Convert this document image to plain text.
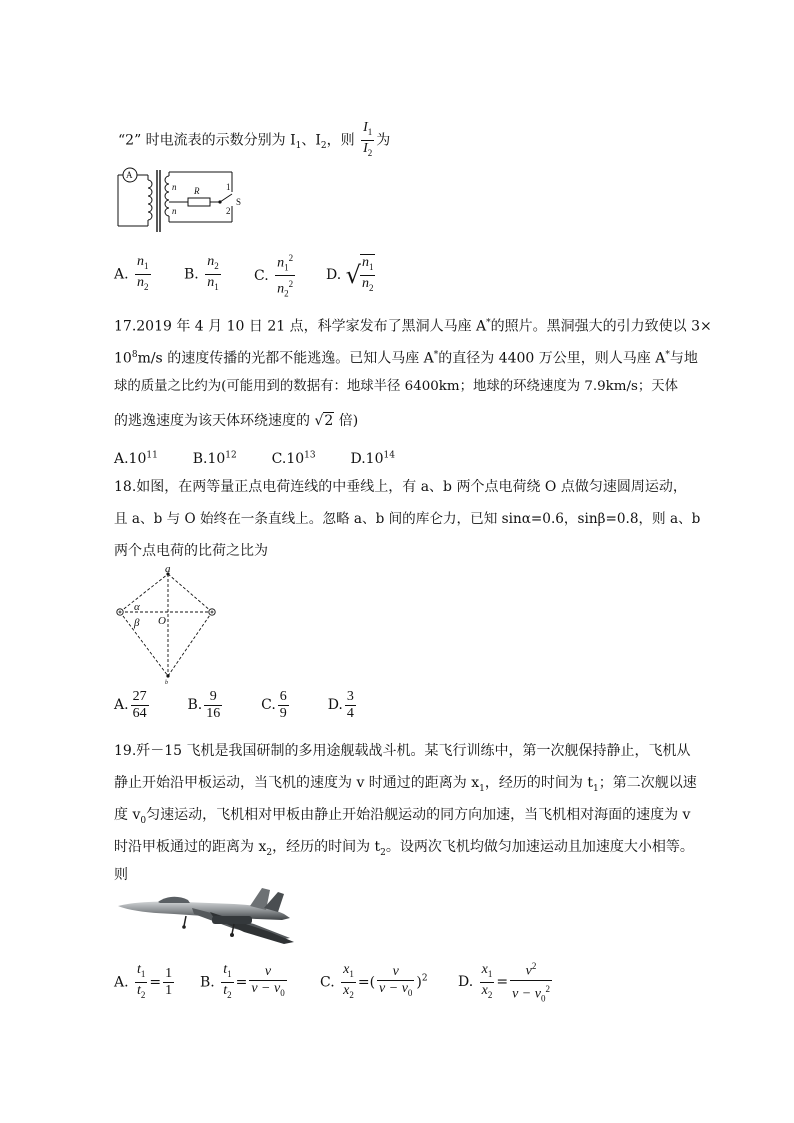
“2” 时电流表的示数分别为 $I_1$、$I_2$，则 $\frac{I_1}{I_2}$ 为
A
n
n
R	1
2
S
A. $\frac{n_1}{n_2} B$. $\frac{n_2}{n_1} C$. $\frac{n_1^2}{n_2^2} D$. √ $\frac{n_1}{n_2}$
17.2019 年 4 月 10 日 21 点，科学家发布了黑洞人马座 A*的照片。黑洞强大的引力致使以 3×
$10^8m/s$ 的速度传播的光都不能逃逸。已知人马座 A*的直径为 4400 万公里，则人马座 A*与地
球的质量之比约为(可能用到的数据有：地球半径 6400km；地球的环绕速度为 7.9km/s；天体
的逃逸速度为该天体环绕速度的 √2 倍)
$A.10^{11}$ $B.10^{12}$ $C.10^{13}$ $D.10^{14}$
18.如图，在两等量正点电荷连线的中垂线上，有 a、b 两个点电荷绕 O 点做匀速圆周运动，
且 a、b 与 O 始终在一条直线上。忽略 a、b 间的库仑力，已知 sinα=0.6，sinβ=0.8，则 a、b
两个点电荷的比荷之比为
a
b
O
α
β
A. $\frac{27}{64}$	B. $\frac{9}{16}$	C. $\frac{6}{9}$	D. $\frac{3}{4}$
19.歼－15 飞机是我国研制的多用途舰载战斗机。某飞行训练中，第一次舰保持静止，飞机从
静止开始沿甲板运动，当飞机的速度为 v 时通过的距离为 $x_1$，经历的时间为 $t_1$；第二次舰以速
度 $v_0$匀速运动，飞机相对甲板由静止开始沿舰运动的同方向加速，当飞机相对海面的速度为 v
时沿甲板通过的距离为 $x_2$，经历的时间为 $t_2$。设两次飞机均做匀加速运动且加速度大小相等。
则
A. $\frac{t_1}{t_2} = \frac{1}{1} B$. $\frac{t_1}{t_2} = \frac{v}{v - v_0} C$. $\frac{x_1}{x_2}$ =( $\frac{v}{v - v_0} )^2$ D. $\frac{x_1}{x_2} = \frac{v^2}{v - v_0^2}$
